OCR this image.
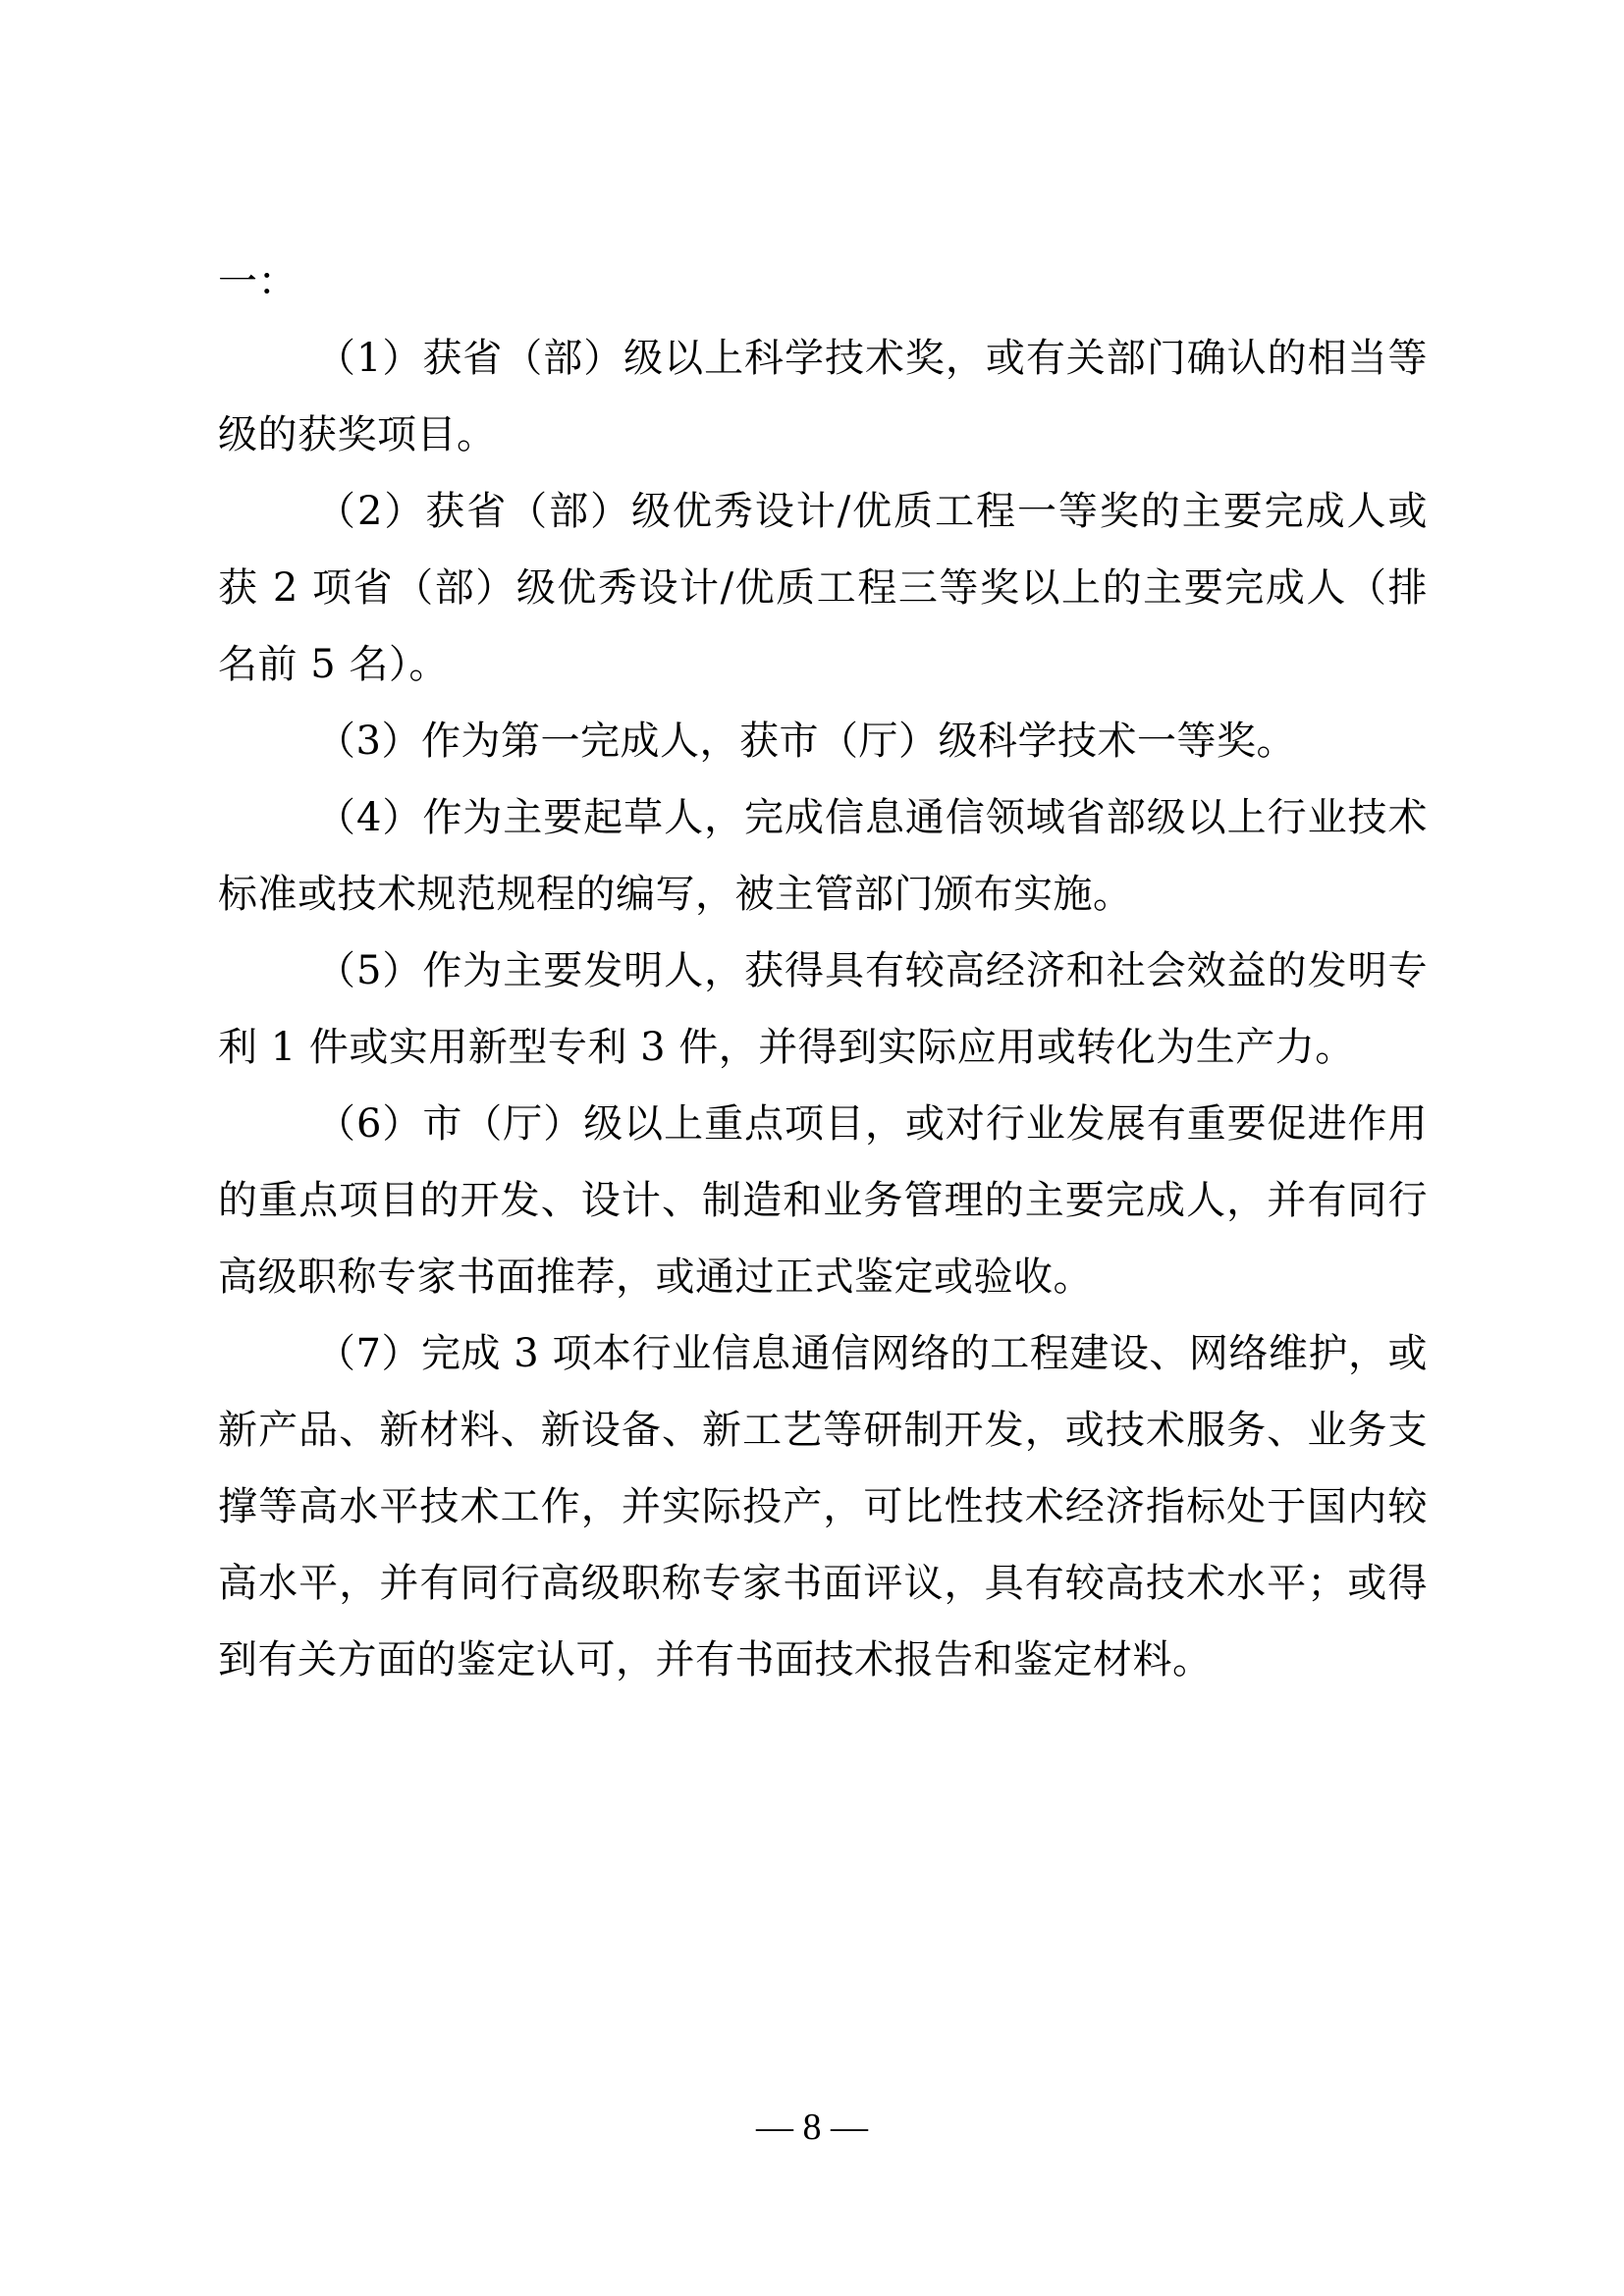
一：

（1）获省（部）级以上科学技术奖，或有关部门确认的相当等级的获奖项目。

（2）获省（部）级优秀设计/优质工程一等奖的主要完成人或获 2 项省（部）级优秀设计/优质工程三等奖以上的主要完成人（排名前 5 名）。

（3）作为第一完成人，获市（厅）级科学技术一等奖。

（4）作为主要起草人，完成信息通信领域省部级以上行业技术标准或技术规范规程的编写，被主管部门颁布实施。

（5）作为主要发明人，获得具有较高经济和社会效益的发明专利 1 件或实用新型专利 3 件，并得到实际应用或转化为生产力。

（6）市（厅）级以上重点项目，或对行业发展有重要促进作用的重点项目的开发、设计、制造和业务管理的主要完成人，并有同行高级职称专家书面推荐，或通过正式鉴定或验收。

（7）完成 3 项本行业信息通信网络的工程建设、网络维护，或新产品、新材料、新设备、新工艺等研制开发，或技术服务、业务支撑等高水平技术工作，并实际投产，可比性技术经济指标处于国内较高水平，并有同行高级职称专家书面评议，具有较高技术水平；或得到有关方面的鉴定认可，并有书面技术报告和鉴定材料。

— 8 —
